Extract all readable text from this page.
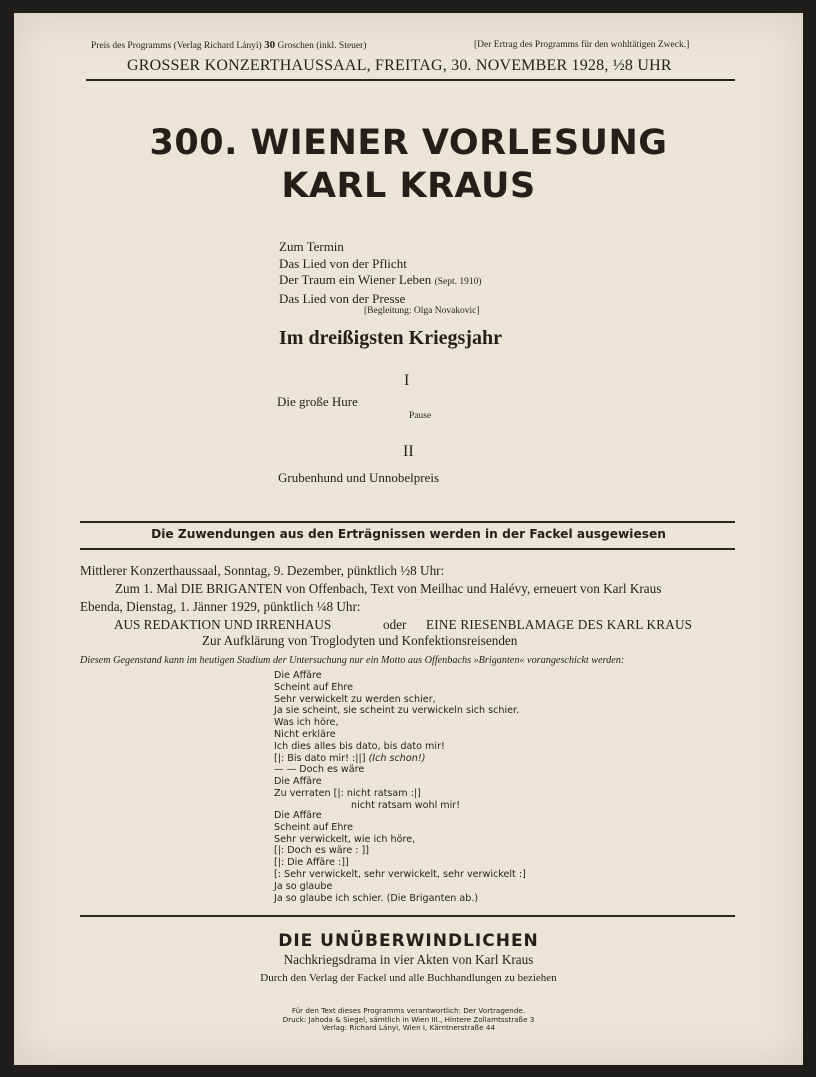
Preis des Programms (Verlag Richard Lányi) 30 Groschen (inkl. Steuer)	[Der Ertrag des Programms für den wohltätigen Zweck.]
GROSSER KONZERTHAUSSAAL, FREITAG, 30. NOVEMBER 1928, ½8 UHR
300. WIENER VORLESUNG
KARL KRAUS
Zum Termin
Das Lied von der Pflicht
Der Traum ein Wiener Leben (Sept. 1910)
Das Lied von der Presse
[Begleitung: Olga Novakovic]
Im dreißigsten Kriegsjahr
I
Die große Hure
Pause
II
Grubenhund und Unnobelpreis
Die Zuwendungen aus den Erträgnissen werden in der Fackel ausgewiesen
Mittlerer Konzerthaussaal, Sonntag, 9. Dezember, pünktlich ½8 Uhr:
Zum 1. Mal DIE BRIGANTEN von Offenbach, Text von Meilhac und Halévy, erneuert von Karl Kraus
Ebenda, Dienstag, 1. Jänner 1929, pünktlich ¼8 Uhr:
AUS REDAKTION UND IRRENHAUS	oder EINE RIESENBLAMAGE DES KARL KRAUS
Zur Aufklärung von Troglodyten und Konfektionsreisenden
Diesem Gegenstand kann im heutigen Stadium der Untersuchung nur ein Motto aus Offenbachs »Briganten« vorangeschickt werden:
Die Affäre
Scheint auf Ehre
Sehr verwickelt zu werden schier,
Ja sie scheint, sie scheint zu verwickeln sich schier.
Was ich höre,
Nicht erkläre
Ich dies alles bis dato, bis dato mir!
[|: Bis dato mir! :||] (Ich schon!)
— — Doch es wäre
Die Affäre
Zu verraten [|: nicht ratsam :|]
nicht ratsam wohl mir!
Die Affäre
Scheint auf Ehre
Sehr verwickelt, wie ich höre,
[|: Doch es wäre : ]]
[|: Die Affäre :]]
[: Sehr verwickelt, sehr verwickelt, sehr verwickelt :]
Ja so glaube
Ja so glaube ich schier. (Die Briganten ab.)
DIE UNÜBERWINDLICHEN
Nachkriegsdrama in vier Akten von Karl Kraus
Durch den Verlag der Fackel und alle Buchhandlungen zu beziehen
Für den Text dieses Programms verantwortlich: Der Vortragende.
Druck: Jahoda & Siegel, sämtlich in Wien III., Hintere Zollamtsstraße 3
Verlag: Richard Lányi, Wien I, Kärntnerstraße 44
